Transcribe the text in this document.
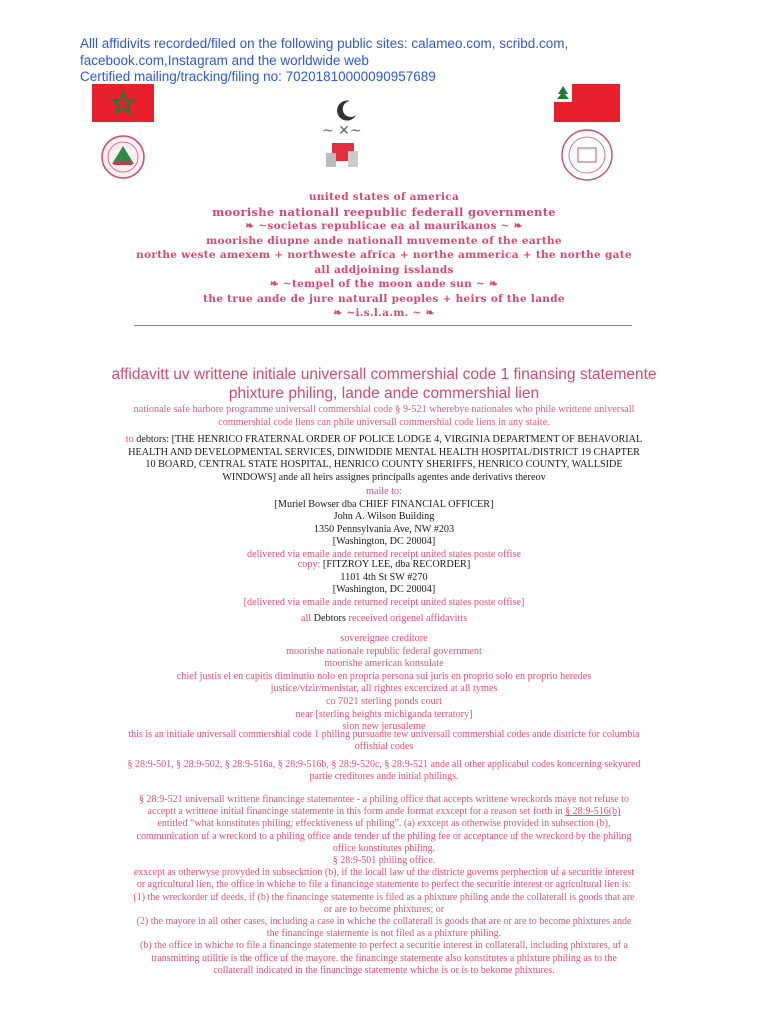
Alll affidivits recorded/filed on the following public sites: calameo.com, scribd.com,
facebook.com,Instagram and the worldwide web
Certified mailing/tracking/filing no: 70201810000090957689
~ ✕~
united states of america
moorishe nationall reepublic federall governmente
❧ ~societas republicae ea al maurikanos ~ ❧
moorishe diupne ande nationall muvemente of the earthe
northe weste amexem + northweste africa + northe ammerica + the northe gate
all addjoining isslands
❧ ~tempel of the moon ande sun ~ ❧
the true ande de jure naturall peoples + heirs of the lande
❧ ~i.s.l.a.m. ~ ❧
affidavitt uv writtene initiale universall commershial code 1 finansing statemente
phixture philing, lande ande commershial lien
nationale safe harbore programme universall commershial code § 9-521 wherebye nationales who phile writtene universall
commershial code liens can phile universall commershial code liens in any staite.
to debtors: [THE HENRICO FRATERNAL ORDER OF POLICE LODGE 4, VIRGINIA DEPARTMENT OF BEHAVORIAL
HEALTH AND DEVELOPMENTAL SERVICES, DINWIDDIE MENTAL HEALTH HOSPITAL/DISTRICT 19 CHAPTER
10 BOARD, CENTRAL STATE HOSPITAL, HENRICO COUNTY SHERIFFS, HENRICO COUNTY, WALLSIDE
WINDOWS] ande all heirs assignes principalls agentes ande derivativs thereov
maile to:
[Muriel Bowser dba CHIEF FINANCIAL OFFICER]
John A. Wilson Building
1350 Pennsylvania Ave, NW #203
[Washington, DC 20004]
delivered via emaile ande returned receipt united states poste offise
copy: [FITZROY LEE, dba RECORDER]
1101 4th St SW #270
[Washington, DC 20004]
[delivered via emaile ande returned receipt united states poste offise]
all Debtors receeived origenel affidavitts
sovereignee creditore
moorishe nationale republic federal government
moorishe american konsulate
chief justis el en capitis diminutio nolo en propria persona sui juris en proprio solo en proprio heredes
justice/vizir/menistar, all rightes excercized at all tymes
co 7021 sterling ponds court
near [sterling heights michiganda terratory]
sion new jerusaleme
this is an initiale universall commershial code 1 philing pursuante tew universall commershial codes ande districte for columbia
offishial codes
§ 28:9-501, § 28:9-502, § 28:9-516a, § 28:9-516b, § 28:9-520c, § 28:9-521 ande all other applicabul codes koncerning sekyured
partie creditores ande initial philings.
§ 28:9-521 universall writtene financinge statementee - a philing office that accepts writtene wreckords maye not refuse to
acceptt a writtene initial financinge statemente in this form ande format exxcept for a reason set forth in § 28:9-516(b)
entitled “what konstitutes philing; effecktiveness uf philing”. (a) exxcept as otherwise provided in subsection (b),
communication uf a wreckord to a philing office ande tender uf the philing fee or acceptance uf the wreckord by the philing
office konstitutes philing.
§ 28:9-501 philing office.
exxcept as otherwyse provyded in subseckttion (b), if the locall law uf the districte governs perphection uf a securitie interest
or agricultural lien, the office in whiche to file a financinge statemente to perfect the securitie interest or agricultural lien is:
(1) the wreckorder uf deeds, if (b) the financinge statemente is filed as a phixture philing ande the collaterall is goods that are
or are to become phixtures; or
(2) the mayore in all other cases, including a case in whiche the collaterall is goods that are or are to become phixtures ande
the financinge statemente is not filed as a phixture philing.
(b) the office in whiche to file a financinge statemente to perfect a securitie interest in collaterall, including phixtures, uf a
transmitting utilitie is the office uf the mayore. the financinge statemente also konstitutes a phixture philing as to the
collaterall indicated in the financinge statemente whiche is or is to bekome phixtures.
